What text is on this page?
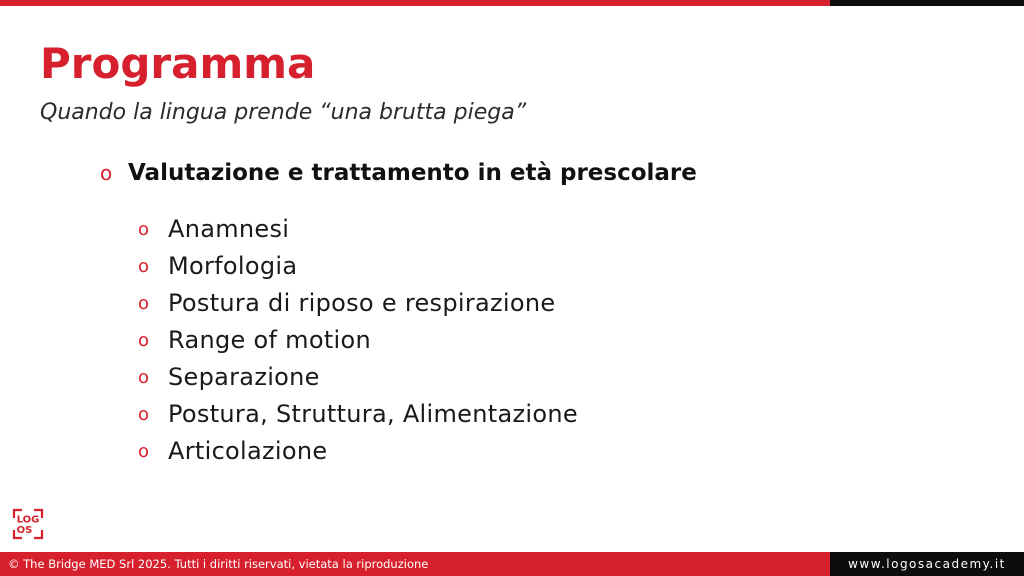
Programma
Quando la lingua prende “una brutta piega”
o Valutazione e trattamento in età prescolare
o Anamnesi
o Morfologia
o Postura di riposo e respirazione
o Range of motion
o Separazione
o Postura, Struttura, Alimentazione
o Articolazione
LOG
OS
© The Bridge MED Srl 2025. Tutti i diritti riservati, vietata la riproduzione	www.logosacademy.it
